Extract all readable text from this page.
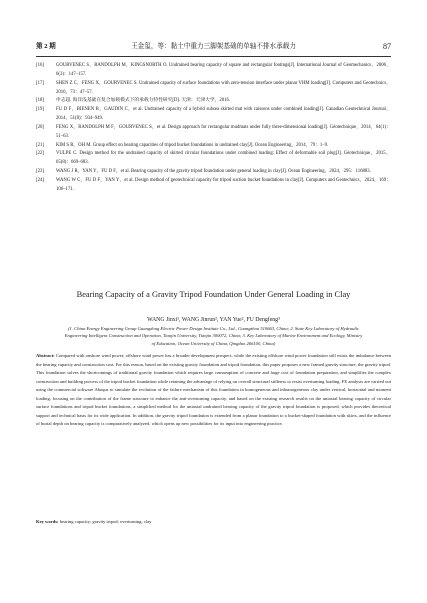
第 2 期	王金玺，等：黏土中重力三脚架基础的单轴不排水承载力	87
[16]	GOURVENEC S，RANDOLPH M，KINGSNORTH O. Undrained bearing capacity of square and rectangular footings[J]. International Journal of Geomechanics，2006，6(3)：147–157.
[17]	SHEN Z C，FENG X，GOURVENEC S. Undrained capacity of surface foundations with zero-tension interface under planar VHM loading[J]. Computers and Geotechnics，2016，73：47–57.
[18]	申志超. 海洋浅基础在复合加载模式下的承载力特性研究[D]. 天津：天津大学，2016.
[19]	FU D F，BIENEN B，GAUDIN C，et al. Undrained capacity of a hybrid subsea skirted mat with caissons under combined loading[J]. Canadian Geotechnical Journal，2014，51(8)：934–949.
[20]	FENG X，RANDOLPH M F，GOURVENEC S，et al. Design approach for rectangular mudmats under fully three-dimensional loading[J]. Géotechnique，2014，64(1)：51–63.
[21]	KIM S R，OH M. Group effect on bearing capacities of tripod bucket foundations in undrained clay[J]. Ocean Engineering，2014，79：1–9.
[22]	VULPE C. Design method for the undrained capacity of skirted circular foundations under combined loading: Effect of deformable soil plug[J]. Géotechnique，2015，65(8)：669–683.
[23]	WANG J R，YAN Y，FU D F，et al. Bearing capacity of the gravity tripod foundation under general loading in clay[J]. Ocean Engineering，2024，295：116883.
[24]	WANG W C，FU D F，YAN Y，et al. Design method of geotechnical capacity for tripod suction bucket foundations in clay[J]. Computers and Geotechnics，2024，169：106–171.
Bearing Capacity of a Gravity Tripod Foundation Under General Loading in Clay
WANG Jinxi¹, WANG Jinrun², YAN Yue², FU Dengfeng³
(1. China Energy Engineering Group Guangdong Electric Power Design Institute Co., Ltd., Guangzhou 510663, China; 2. State Key Laboratory of Hydraulic Engineering Intelligent Construction and Operation, Tianjin University, Tianjin 300072, China; 3. Key Laboratory of Marine Environment and Ecology, Ministry of Education, Ocean University of China, Qingdao 266100, China)
Abstract: Compared with onshore wind power, offshore wind power has a broader development prospect, while the existing offshore wind power foundation still exists the imbalance between the bearing capacity and construction cost. For this reason, based on the existing gravity foundation and tripod foundation, this paper proposes a new framed gravity structure, the gravity tripod. This foundation solves the shortcomings of traditional gravity foundation which requires large consumption of concrete and large cost of foundation preparation, and simplifies the complex construction and building process of the tripod bucket foundation while retaining the advantage of relying on overall structural stiffness to resist overturning loading. FE analysis are carried out using the commercial software Abaqus to simulate the evolution of the failure mechanism of this foundation in homogeneous and inhomogeneous clay under vertical, horizontal and moment loading, focusing on the contribution of the frame structure to enhance the anti-overturning capacity, and based on the existing research results on the uniaxial bearing capacity of circular surface foundations and tripod bucket foundations, a simplified method for the uniaxial undrained bearing capacity of the gravity tripod foundation is proposed, which provides theoretical support and technical basis for its wide application. In addition, the gravity tripod foundation is extended from a planar foundation to a bucket-shaped foundation with skirts, and the influence of burial depth on bearing capacity is comparatively analyzed, which opens up new possibilities for its input into engineering practice.
Key words: bearing capacity; gravity tripod; overturning; clay
